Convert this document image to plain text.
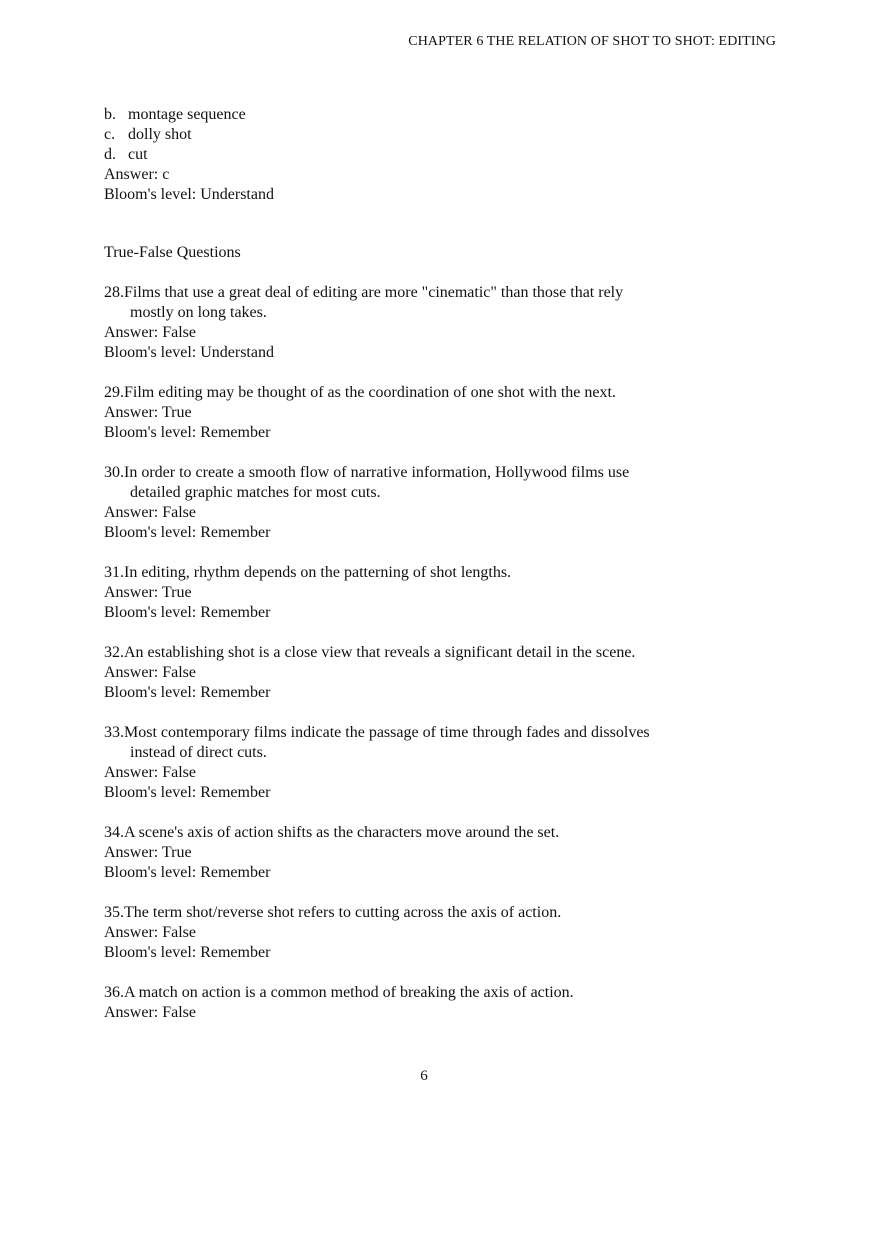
CHAPTER 6 THE RELATION OF SHOT TO SHOT: EDITING
b. montage sequence
c. dolly shot
d. cut
Answer: c
Bloom's level: Understand
True-False Questions
28. Films that use a great deal of editing are more "cinematic" than those that rely
mostly on long takes.
Answer: False
Bloom's level: Understand
29. Film editing may be thought of as the coordination of one shot with the next.
Answer: True
Bloom's level: Remember
30. In order to create a smooth flow of narrative information, Hollywood films use
detailed graphic matches for most cuts.
Answer: False
Bloom's level: Remember
31. In editing, rhythm depends on the patterning of shot lengths.
Answer: True
Bloom's level: Remember
32. An establishing shot is a close view that reveals a significant detail in the scene.
Answer: False
Bloom's level: Remember
33. Most contemporary films indicate the passage of time through fades and dissolves
instead of direct cuts.
Answer: False
Bloom's level: Remember
34. A scene's axis of action shifts as the characters move around the set.
Answer: True
Bloom's level: Remember
35. The term shot/reverse shot refers to cutting across the axis of action.
Answer: False
Bloom's level: Remember
36. A match on action is a common method of breaking the axis of action.
Answer: False
6
